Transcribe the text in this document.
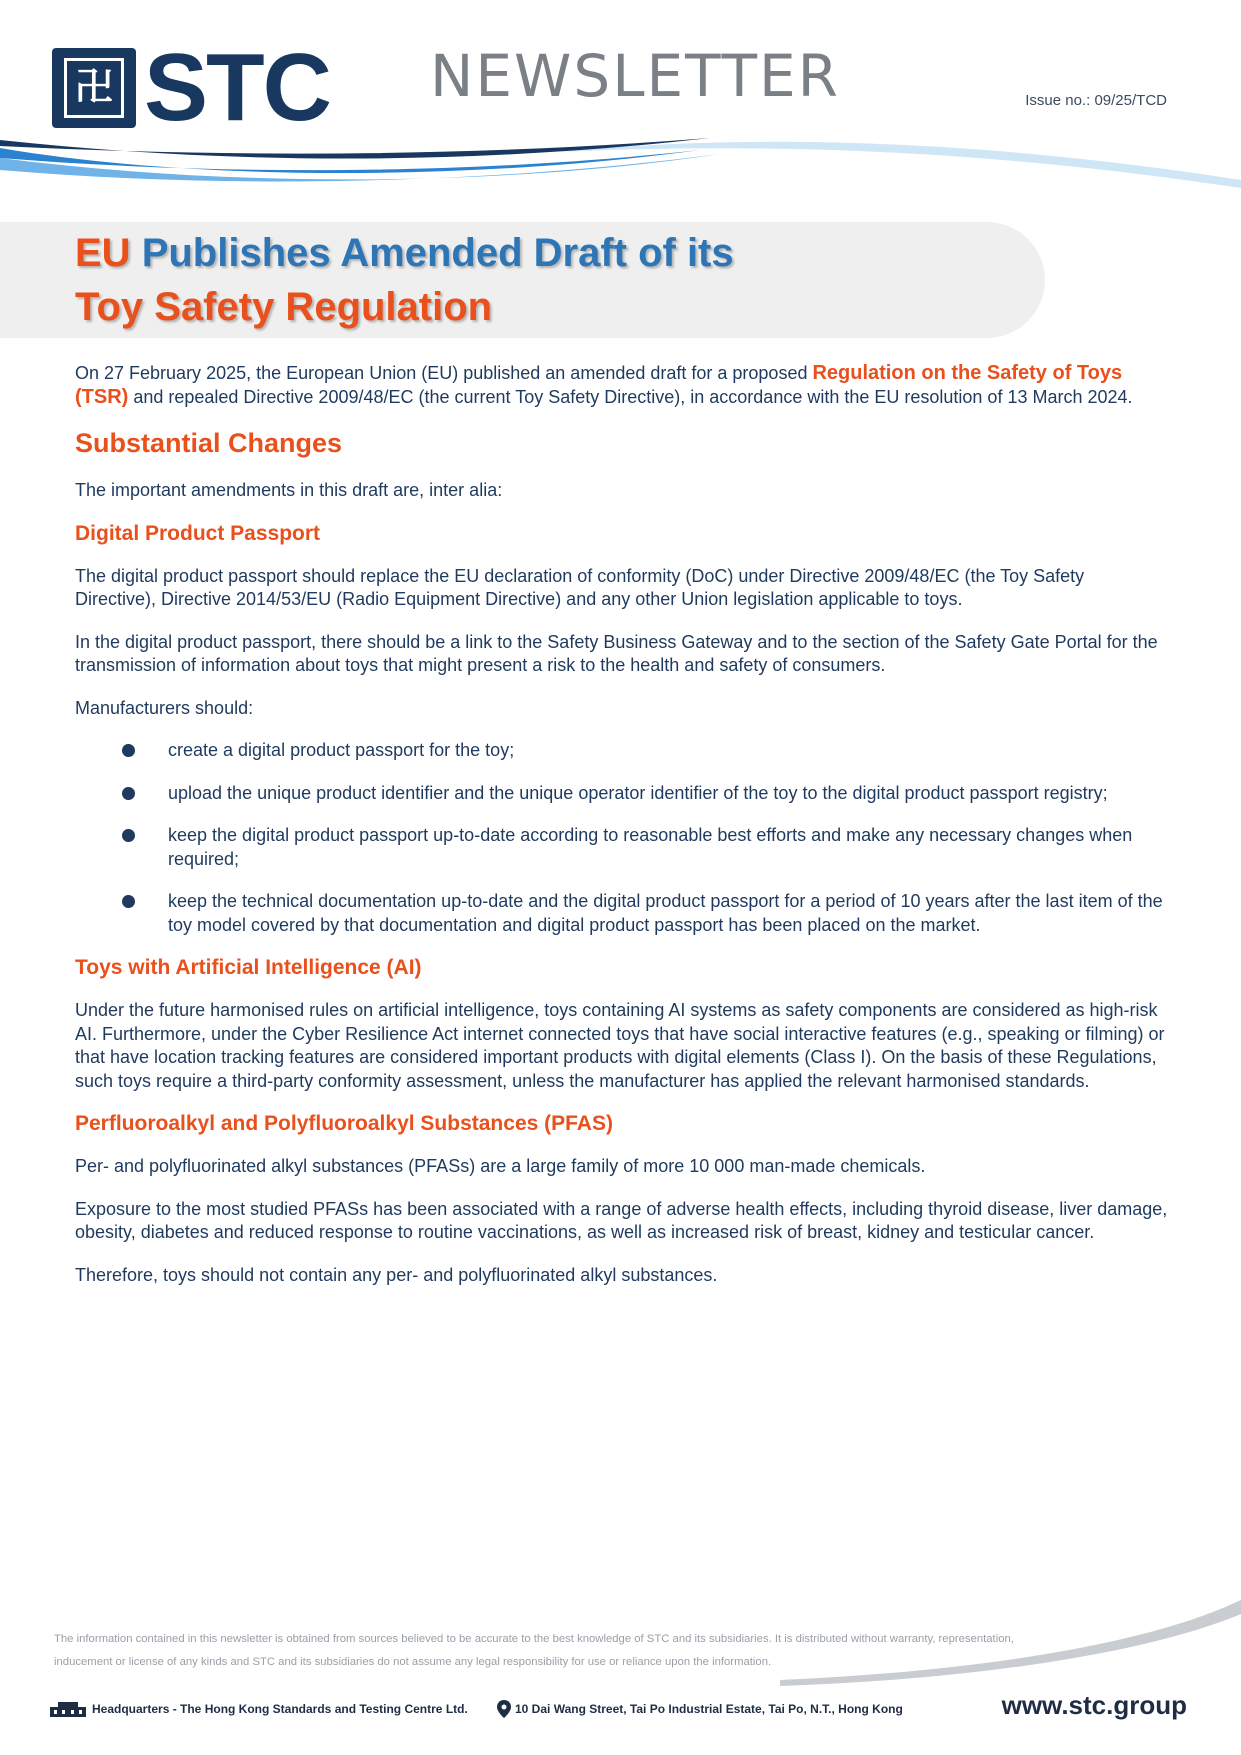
卍 STC NEWSLETTER	Issue no.: 09/25/TCD
EU Publishes Amended Draft of its
Toy Safety Regulation

On 27 February 2025, the European Union (EU) published an amended draft for a proposed Regulation on the Safety of Toys (TSR) and repealed Directive 2009/48/EC (the current Toy Safety Directive), in accordance with the EU resolution of 13 March 2024.

Substantial Changes

The important amendments in this draft are, inter alia:

Digital Product Passport

The digital product passport should replace the EU declaration of conformity (DoC) under Directive 2009/48/EC (the Toy Safety Directive), Directive 2014/53/EU (Radio Equipment Directive) and any other Union legislation applicable to toys.

In the digital product passport, there should be a link to the Safety Business Gateway and to the section of the Safety Gate Portal for the transmission of information about toys that might present a risk to the health and safety of consumers.

Manufacturers should:

create a digital product passport for the toy;
upload the unique product identifier and the unique operator identifier of the toy to the digital product passport registry;
keep the digital product passport up-to-date according to reasonable best efforts and make any necessary changes when required;
keep the technical documentation up-to-date and the digital product passport for a period of 10 years after the last item of the toy model covered by that documentation and digital product passport has been placed on the market.
Toys with Artificial Intelligence (AI)

Under the future harmonised rules on artificial intelligence, toys containing AI systems as safety components are considered as high-risk AI. Furthermore, under the Cyber Resilience Act internet connected toys that have social interactive features (e.g., speaking or filming) or that have location tracking features are considered important products with digital elements (Class I). On the basis of these Regulations, such toys require a third-party conformity assessment, unless the manufacturer has applied the relevant harmonised standards.

Perfluoroalkyl and Polyfluoroalkyl Substances (PFAS)

Per- and polyfluorinated alkyl substances (PFASs) are a large family of more 10 000 man-made chemicals.

Exposure to the most studied PFASs has been associated with a range of adverse health effects, including thyroid disease, liver damage, obesity, diabetes and reduced response to routine vaccinations, as well as increased risk of breast, kidney and testicular cancer.

Therefore, toys should not contain any per- and polyfluorinated alkyl substances.

The information contained in this newsletter is obtained from sources believed to be accurate to the best knowledge of STC and its subsidiaries. It is distributed without warranty, representation, inducement or license of any kinds and STC and its subsidiaries do not assume any legal responsibility for use or reliance upon the information.
Headquarters - The Hong Kong Standards and Testing Centre Ltd.	10 Dai Wang Street, Tai Po Industrial Estate, Tai Po, N.T., Hong Kong	www.stc.group
